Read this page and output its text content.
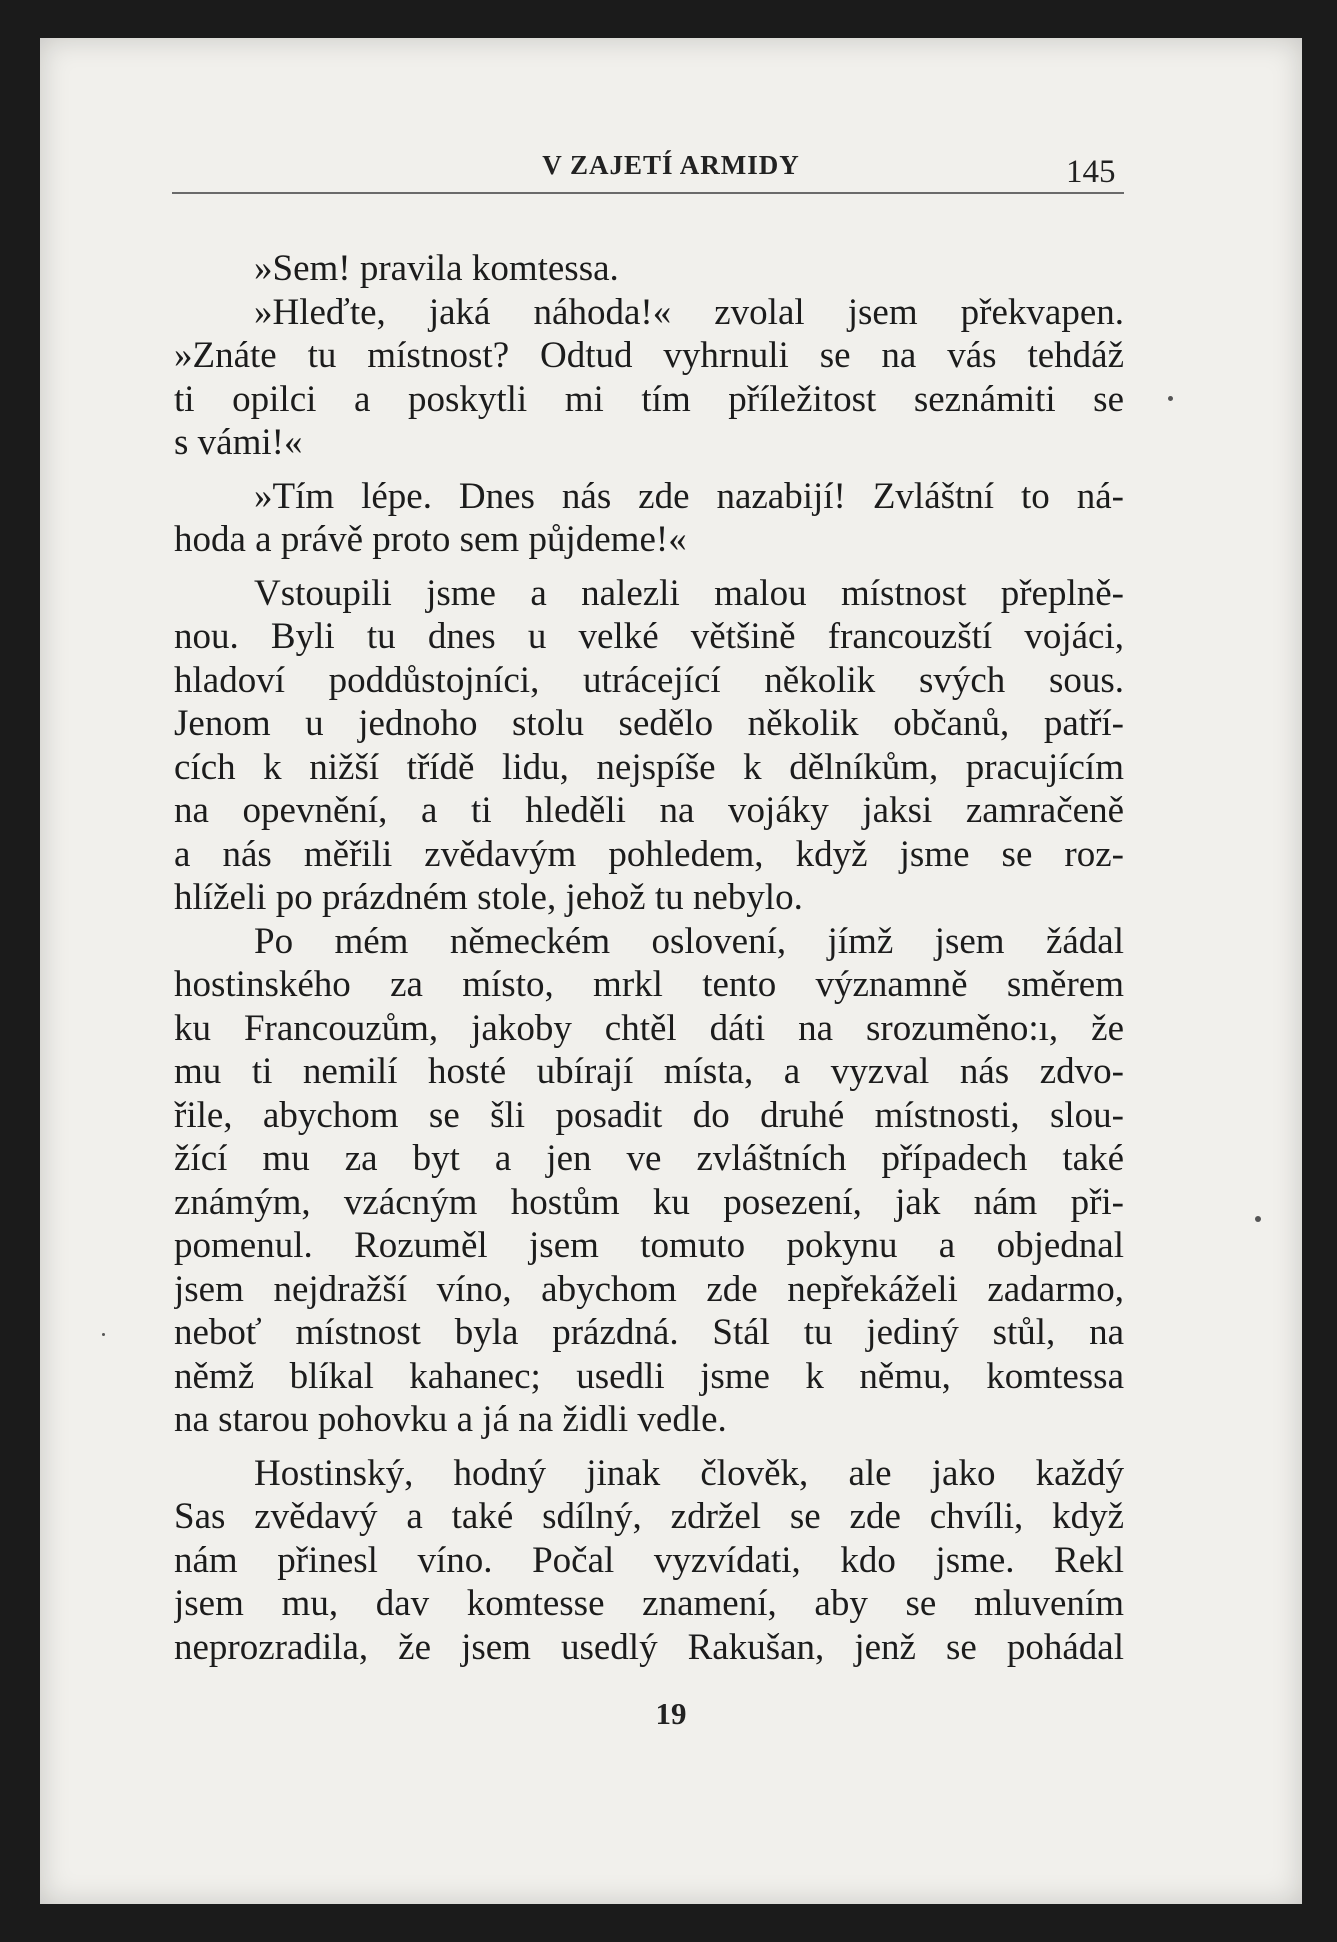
V ZAJETÍ ARMIDY	145
»Sem! pravila komtessa.
»Hleďte, jaká náhoda!« zvolal jsem překvapen.
»Znáte tu místnost? Odtud vyhrnuli se na vás tehdáž
ti opilci a poskytli mi tím příležitost seznámiti se
s vámi!«
»Tím lépe. Dnes nás zde nazabijí! Zvláštní to ná-
hoda a právě proto sem půjdeme!«
Vstoupili jsme a nalezli malou místnost přeplně-
nou. Byli tu dnes u velké většině francouzští vojáci,
hladoví poddůstojníci, utrácející několik svých sous.
Jenom u jednoho stolu sedělo několik občanů, patří-
cích k nižší třídě lidu, nejspíše k dělníkům, pracujícím
na opevnění, a ti hleděli na vojáky jaksi zamračeně
a nás měřili zvědavým pohledem, když jsme se roz-
hlíželi po prázdném stole, jehož tu nebylo.
Po mém německém oslovení, jímž jsem žádal
hostinského za místo, mrkl tento významně směrem
ku Francouzům, jakoby chtěl dáti na srozuměno:ı, že
mu ti nemilí hosté ubírají místa, a vyzval nás zdvo-
řile, abychom se šli posadit do druhé místnosti, slou-
žící mu za byt a jen ve zvláštních případech také
známým, vzácným hostům ku posezení, jak nám při-
pomenul. Rozuměl jsem tomuto pokynu a objednal
jsem nejdražší víno, abychom zde nepřekáželi zadarmo,
neboť místnost byla prázdná. Stál tu jediný stůl, na
němž blíkal kahanec; usedli jsme k němu, komtessa
na starou pohovku a já na židli vedle.
Hostinský, hodný jinak člověk, ale jako každý
Sas zvědavý a také sdílný, zdržel se zde chvíli, když
nám přinesl víno. Počal vyzvídati, kdo jsme. Rekl
jsem mu, dav komtesse znamení, aby se mluvením
neprozradila, že jsem usedlý Rakušan, jenž se pohádal
19
